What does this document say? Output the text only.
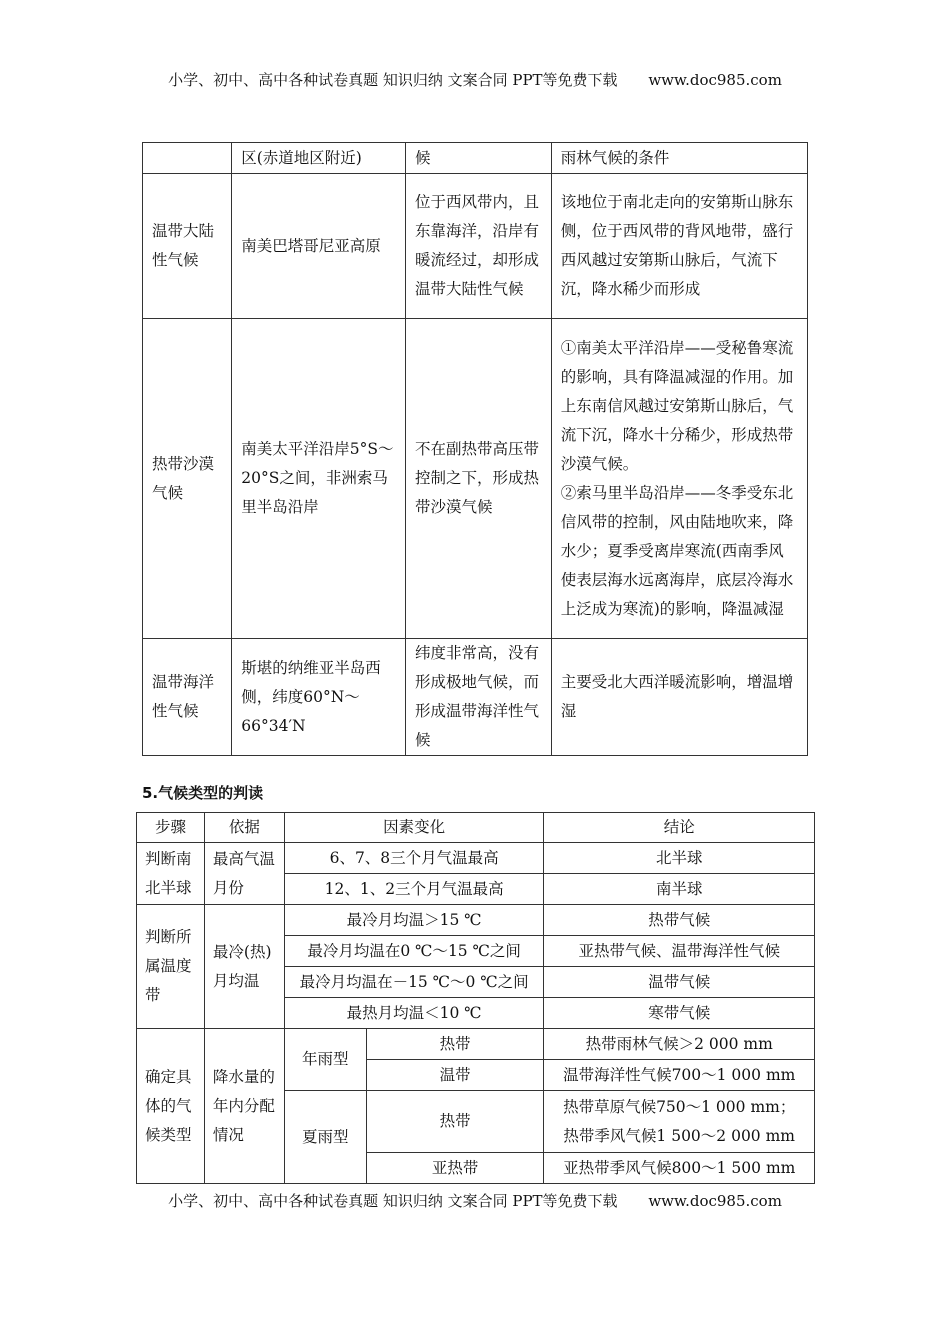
小学、初中、高中各种试卷真题 知识归纳 文案合同 PPT等免费下载 www.doc985.com
	区(赤道地区附近)	候	雨林气候的条件
温带大陆性气候	南美巴塔哥尼亚高原	位于西风带内，且东靠海洋，沿岸有暖流经过，却形成温带大陆性气候	该地位于南北走向的安第斯山脉东侧，位于西风带的背风地带，盛行西风越过安第斯山脉后，气流下沉，降水稀少而形成
热带沙漠气候	南美太平洋沿岸5°S～20°S之间，非洲索马里半岛沿岸	不在副热带高压带控制之下，形成热带沙漠气候	①南美太平洋沿岸——受秘鲁寒流的影响，具有降温减湿的作用。加上东南信风越过安第斯山脉后，气流下沉，降水十分稀少，形成热带沙漠气候。
②索马里半岛沿岸——冬季受东北信风带的控制，风由陆地吹来，降水少；夏季受离岸寒流(西南季风使表层海水远离海岸，底层冷海水上泛成为寒流)的影响，降温减湿

温带海洋性气候	斯堪的纳维亚半岛西侧，纬度60°N～66°34′N	纬度非常高，没有形成极地气候，而形成温带海洋性气候	主要受北大西洋暖流影响，增温增湿
5.气候类型的判读
步骤	依据	因素变化		结论
判断南北半球	最高气温月份	6、7、8三个月气温最高		北半球
		12、1、2三个月气温最高		南半球
判断所属温度带	最冷(热)月均温	最冷月均温＞15 ℃		热带气候
		最冷月均温在0 ℃～15 ℃之间		亚热带气候、温带海洋性气候
		最冷月均温在－15 ℃～0 ℃之间		温带气候
		最热月均温＜10 ℃		寒带气候
确定具体的气候类型	降水量的年内分配情况	年雨型	热带	热带雨林气候＞2 000 mm
			温带	温带海洋性气候700～1 000 mm
		夏雨型	热带	热带草原气候750～1 000 mm；
热带季风气候1 500～2 000 mm

			亚热带	亚热带季风气候800～1 500 mm
小学、初中、高中各种试卷真题 知识归纳 文案合同 PPT等免费下载 www.doc985.com
